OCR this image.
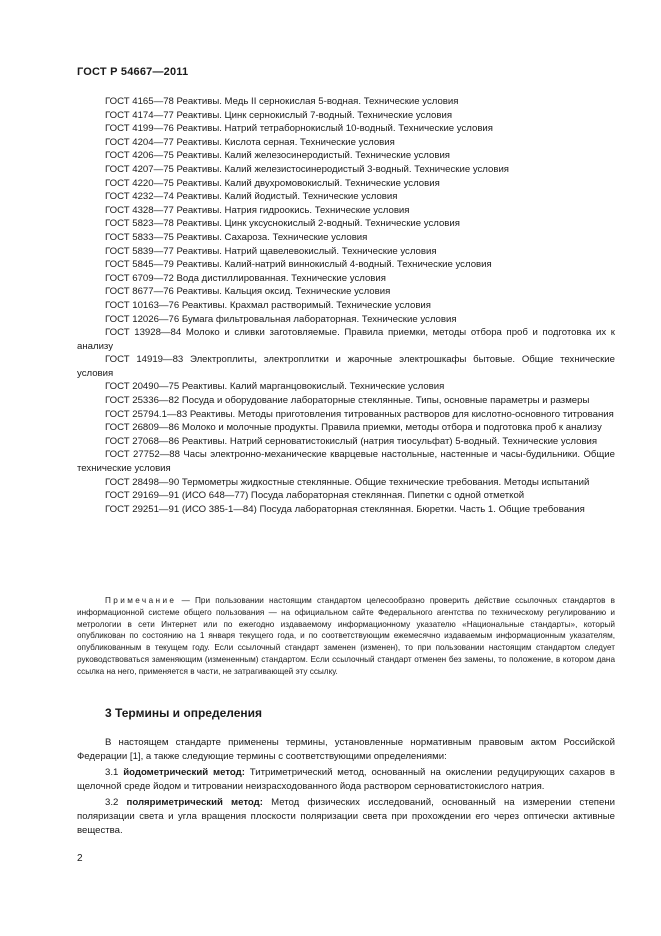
ГОСТ Р 54667—2011

ГОСТ 4165—78 Реактивы. Медь II сернокислая 5-водная. Технические условия

ГОСТ 4174—77 Реактивы. Цинк сернокислый 7-водный. Технические условия

ГОСТ 4199—76 Реактивы. Натрий тетраборнокислый 10-водный. Технические условия

ГОСТ 4204—77 Реактивы. Кислота серная. Технические условия

ГОСТ 4206—75 Реактивы. Калий железосинеродистый. Технические условия

ГОСТ 4207—75 Реактивы. Калий железистосинеродистый 3-водный. Технические условия

ГОСТ 4220—75 Реактивы. Калий двухромовокислый. Технические условия

ГОСТ 4232—74 Реактивы. Калий йодистый. Технические условия

ГОСТ 4328—77 Реактивы. Натрия гидроокись. Технические условия

ГОСТ 5823—78 Реактивы. Цинк уксуснокислый 2-водный. Технические условия

ГОСТ 5833—75 Реактивы. Сахароза. Технические условия

ГОСТ 5839—77 Реактивы. Натрий щавелевокислый. Технические условия

ГОСТ 5845—79 Реактивы. Калий-натрий виннокислый 4-водный. Технические условия

ГОСТ 6709—72 Вода дистиллированная. Технические условия

ГОСТ 8677—76 Реактивы. Кальция оксид. Технические условия

ГОСТ 10163—76 Реактивы. Крахмал растворимый. Технические условия

ГОСТ 12026—76 Бумага фильтровальная лабораторная. Технические условия

ГОСТ 13928—84 Молоко и сливки заготовляемые. Правила приемки, методы отбора проб и подготовка их к анализу

ГОСТ 14919—83 Электроплиты, электроплитки и жарочные электрошкафы бытовые. Общие технические условия

ГОСТ 20490—75 Реактивы. Калий марганцовокислый. Технические условия

ГОСТ 25336—82 Посуда и оборудование лабораторные стеклянные. Типы, основные параметры и размеры

ГОСТ 25794.1—83 Реактивы. Методы приготовления титрованных растворов для кислотно-основного титрования

ГОСТ 26809—86 Молоко и молочные продукты. Правила приемки, методы отбора и подготовка проб к анализу

ГОСТ 27068—86 Реактивы. Натрий серноватистокислый (натрия тиосульфат) 5-водный. Технические условия

ГОСТ 27752—88 Часы электронно-механические кварцевые настольные, настенные и часы-будильники. Общие технические условия

ГОСТ 28498—90 Термометры жидкостные стеклянные. Общие технические требования. Методы испытаний

ГОСТ 29169—91 (ИСО 648—77) Посуда лабораторная стеклянная. Пипетки с одной отметкой

ГОСТ 29251—91 (ИСО 385-1—84) Посуда лабораторная стеклянная. Бюретки. Часть 1. Общие требования

Примечание — При пользовании настоящим стандартом целесообразно проверить действие ссылочных стандартов в информационной системе общего пользования — на официальном сайте Федерального агентства по техническому регулированию и метрологии в сети Интернет или по ежегодно издаваемому информационному указателю «Национальные стандарты», который опубликован по состоянию на 1 января текущего года, и по соответствующим ежемесячно издаваемым информационным указателям, опубликованным в текущем году. Если ссылочный стандарт заменен (изменен), то при пользовании настоящим стандартом следует руководствоваться заменяющим (измененным) стандартом. Если ссылочный стандарт отменен без замены, то положение, в котором дана ссылка на него, применяется в части, не затрагивающей эту ссылку.

3 Термины и определения

В настоящем стандарте применены термины, установленные нормативным правовым актом Российской Федерации [1], а также следующие термины с соответствующими определениями:

3.1 йодометрический метод: Титриметрический метод, основанный на окислении редуцирующих сахаров в щелочной среде йодом и титровании неизрасходованного йода раствором серноватистокислого натрия.

3.2 поляриметрический метод: Метод физических исследований, основанный на измерении степени поляризации света и угла вращения плоскости поляризации света при прохождении его через оптически активные вещества.

2
